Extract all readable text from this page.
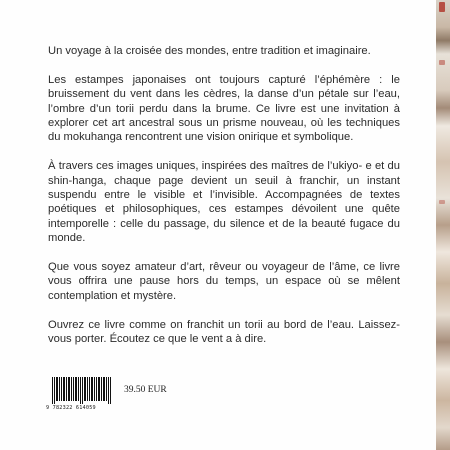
Un voyage à la croisée des mondes, entre tradition et imaginaire.

Les estampes japonaises ont toujours capturé l’éphémère : le bruissement du vent dans les cèdres, la danse d’un pétale sur l’eau, l’ombre d’un torii perdu dans la brume. Ce livre est une invitation à explorer cet art ancestral sous un prisme nouveau, où les techniques du mokuhanga rencontrent une vision onirique et symbolique.

À travers ces images uniques, inspirées des maîtres de l’ukiyo- e et du shin-hanga, chaque page devient un seuil à franchir, un instant suspendu entre le visible et l’invisible. Accompagnées de textes poétiques et philosophiques, ces estampes dévoilent une quête intemporelle : celle du passage, du silence et de la beauté fugace du monde.

Que vous soyez amateur d’art, rêveur ou voyageur de l’âme, ce livre vous offrira une pause hors du temps, un espace où se mêlent contemplation et mystère.

Ouvrez ce livre comme on franchit un torii au bord de l’eau. Laissez-vous porter. Écoutez ce que le vent a à dire.

9 782322 614059
39.50 EUR
